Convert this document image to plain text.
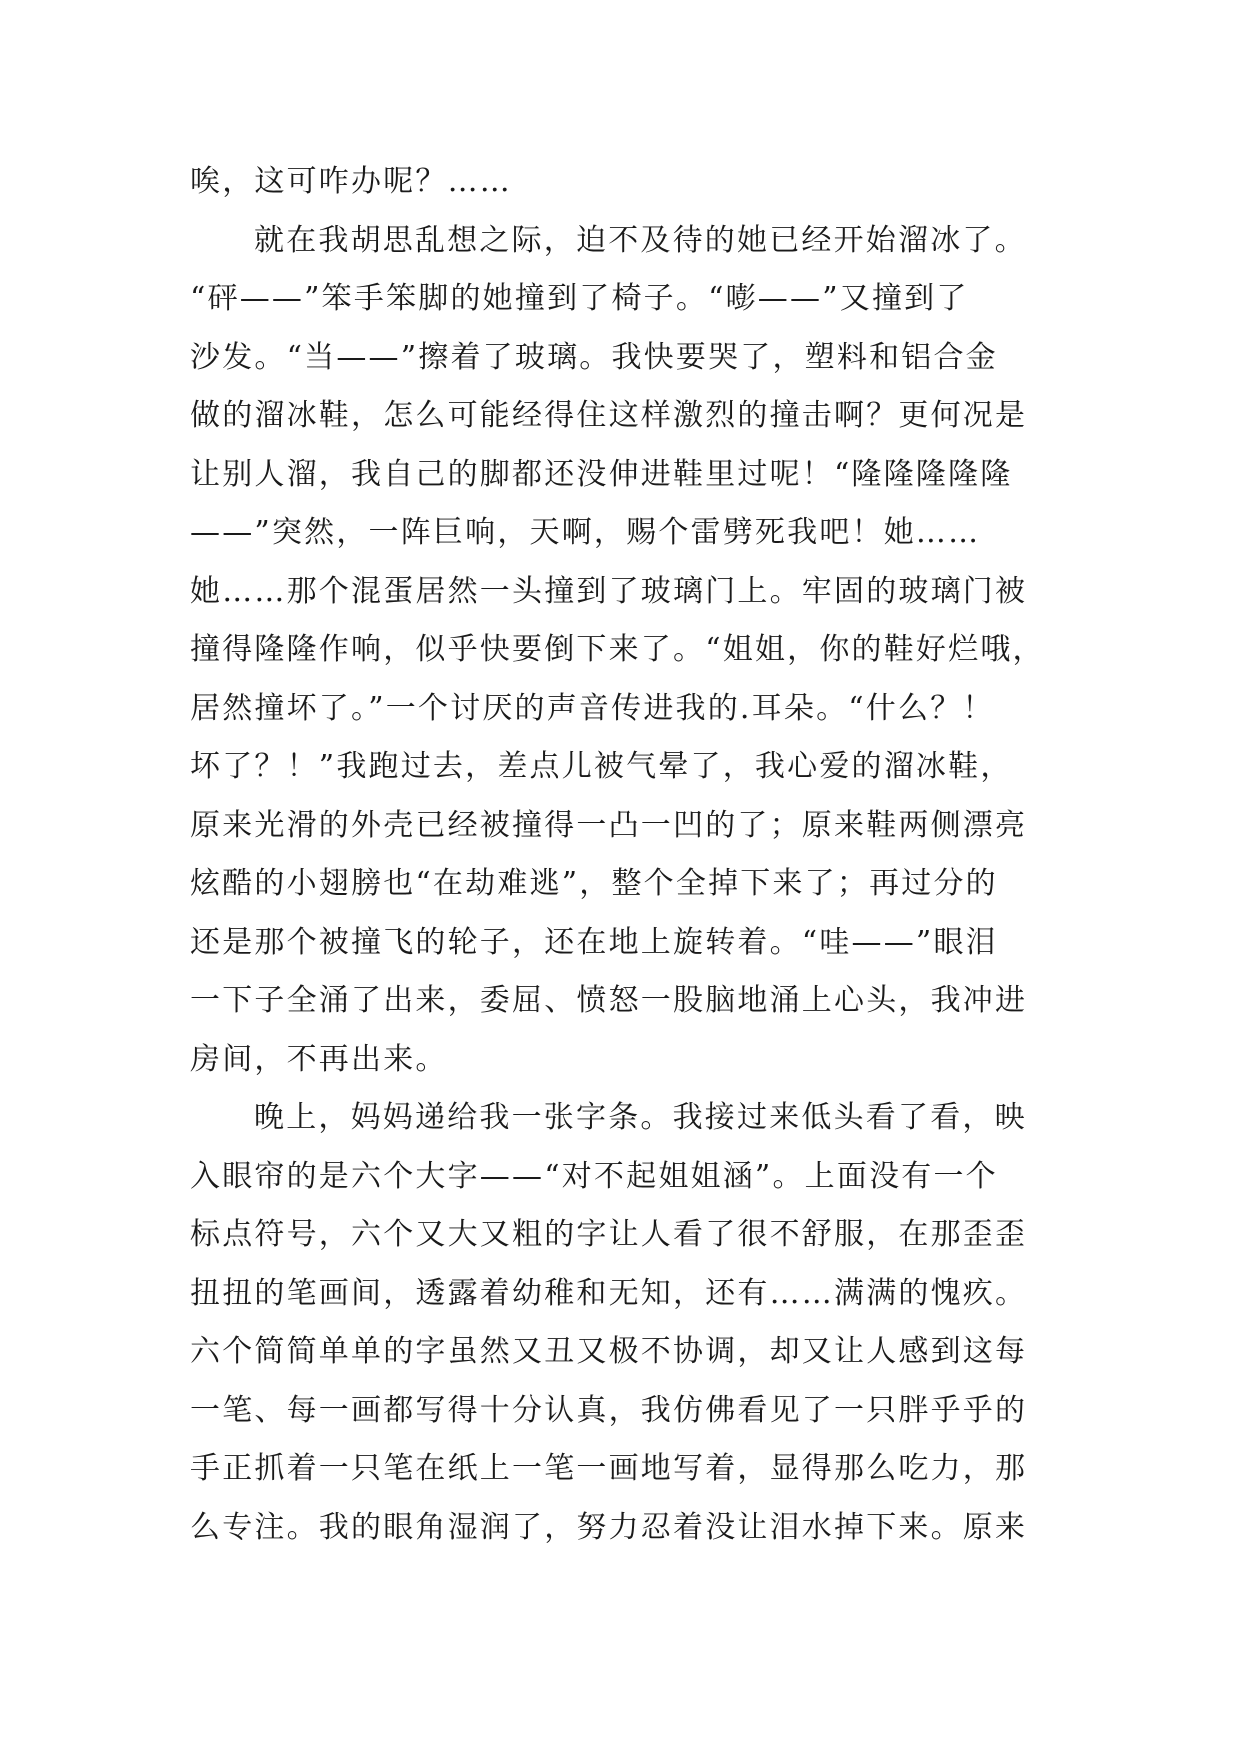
唉，这可咋办呢？……
就在我胡思乱想之际，迫不及待的她已经开始溜冰了。
“砰——”笨手笨脚的她撞到了椅子。“嘭——”又撞到了
沙发。“当——”擦着了玻璃。我快要哭了，塑料和铝合金
做的溜冰鞋，怎么可能经得住这样激烈的撞击啊？更何况是
让别人溜，我自己的脚都还没伸进鞋里过呢！“隆隆隆隆隆
——”突然，一阵巨响，天啊，赐个雷劈死我吧！她……
她……那个混蛋居然一头撞到了玻璃门上。牢固的玻璃门被
撞得隆隆作响，似乎快要倒下来了。“姐姐，你的鞋好烂哦，
居然撞坏了。”一个讨厌的声音传进我的.耳朵。“什么？！
坏了？！”我跑过去，差点儿被气晕了，我心爱的溜冰鞋，
原来光滑的外壳已经被撞得一凸一凹的了；原来鞋两侧漂亮
炫酷的小翅膀也“在劫难逃”，整个全掉下来了；再过分的
还是那个被撞飞的轮子，还在地上旋转着。“哇——”眼泪
一下子全涌了出来，委屈、愤怒一股脑地涌上心头，我冲进
房间，不再出来。
晚上，妈妈递给我一张字条。我接过来低头看了看，映
入眼帘的是六个大字——“对不起姐姐涵”。上面没有一个
标点符号，六个又大又粗的字让人看了很不舒服，在那歪歪
扭扭的笔画间，透露着幼稚和无知，还有……满满的愧疚。
六个简简单单的字虽然又丑又极不协调，却又让人感到这每
一笔、每一画都写得十分认真，我仿佛看见了一只胖乎乎的
手正抓着一只笔在纸上一笔一画地写着，显得那么吃力，那
么专注。我的眼角湿润了，努力忍着没让泪水掉下来。原来
